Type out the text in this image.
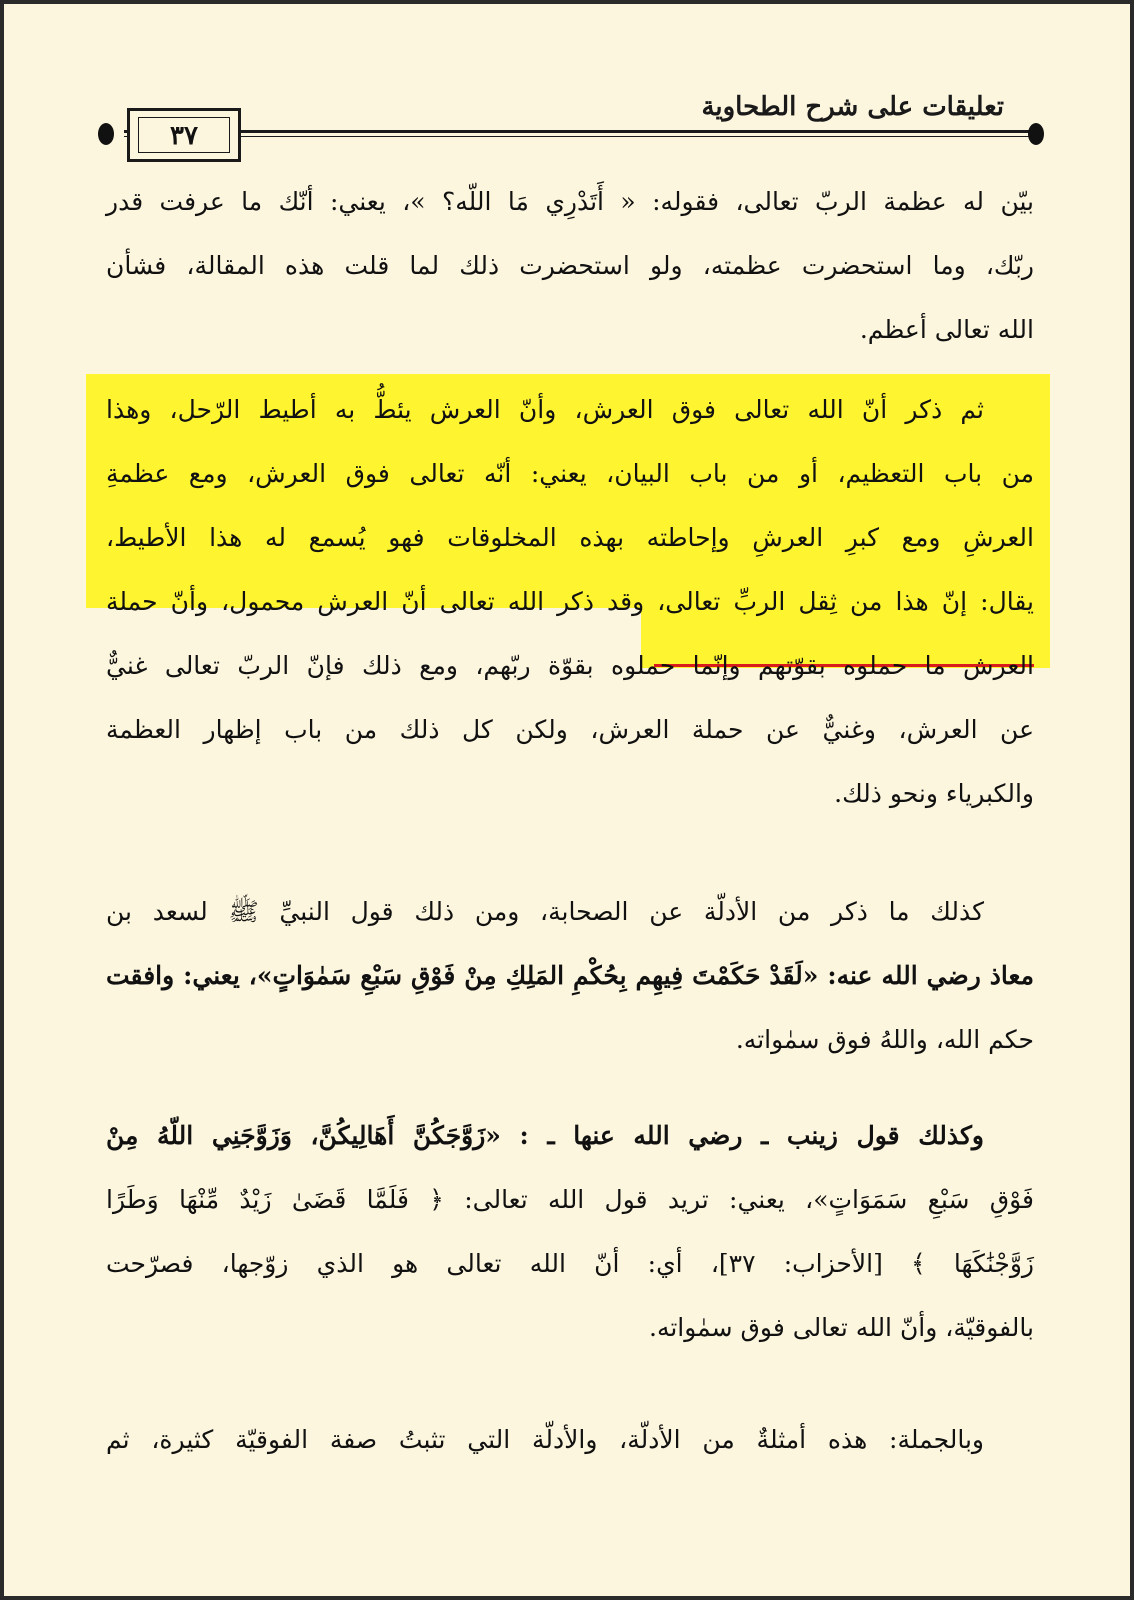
تعليقات على شرح الطحاوية
٣٧
بيّن له عظمة الربّ تعالى، فقوله: « أَتَدْرِي مَا اللّه؟ »، يعني: أنّك ما عرفت قدر
ربّك، وما استحضرت عظمته، ولو استحضرت ذلك لما قلت هذه المقالة، فشأن
الله تعالى أعظم.
ثم ذكر أنّ الله تعالى فوق العرش، وأنّ العرش يئطُّ به أطيط الرّحل، وهذا
من باب التعظيم، أو من باب البيان، يعني: أنّه تعالى فوق العرش، ومع عظمةِ
العرشِ ومع كبرِ العرشِ وإحاطته بهذه المخلوقات فهو يُسمع له هذا الأطيط،
يقال: إنّ هذا من ثِقل الربِّ تعالى، وقد ذكر الله تعالى أنّ العرش محمول، وأنّ حملة
العرش ما حملوه بقوّتهم وإنّما حملوه بقوّة ربّهم، ومع ذلك فإنّ الربّ تعالى غنيٌّ
عن العرش، وغنيٌّ عن حملة العرش، ولكن كل ذلك من باب إظهار العظمة
والكبرياء ونحو ذلك.
كذلك ما ذكر من الأدلّة عن الصحابة، ومن ذلك قول النبيِّ ﷺ لسعد بن
معاذ رضي الله عنه: «لَقَدْ حَكَمْتَ فِيهِم بِحُكْمِ المَلِكِ مِنْ فَوْقِ سَبْعِ سَمٰوَاتٍ»، يعني: وافقت
حكم الله، واللهُ فوق سمٰواته.
وكذلك قول زينب ـ رضي الله عنها ـ : «زَوَّجَكُنَّ أَهَالِيكُنَّ، وَزَوَّجَنِي اللّهُ مِنْ
فَوْقِ سَبْعِ سَمَوَاتٍ»، يعني: تريد قول الله تعالى: ﴿ فَلَمَّا قَضَىٰ زَيْدٌ مِّنْهَا وَطَرًا
زَوَّجْنَٰكَهَا ﴾ [الأحزاب: ٣٧]، أي: أنّ الله تعالى هو الذي زوّجها، فصرّحت
بالفوقيّة، وأنّ الله تعالى فوق سمٰواته.
وبالجملة: هذه أمثلةٌ من الأدلّة، والأدلّة التي تثبتُ صفة الفوقيّة كثيرة، ثم
